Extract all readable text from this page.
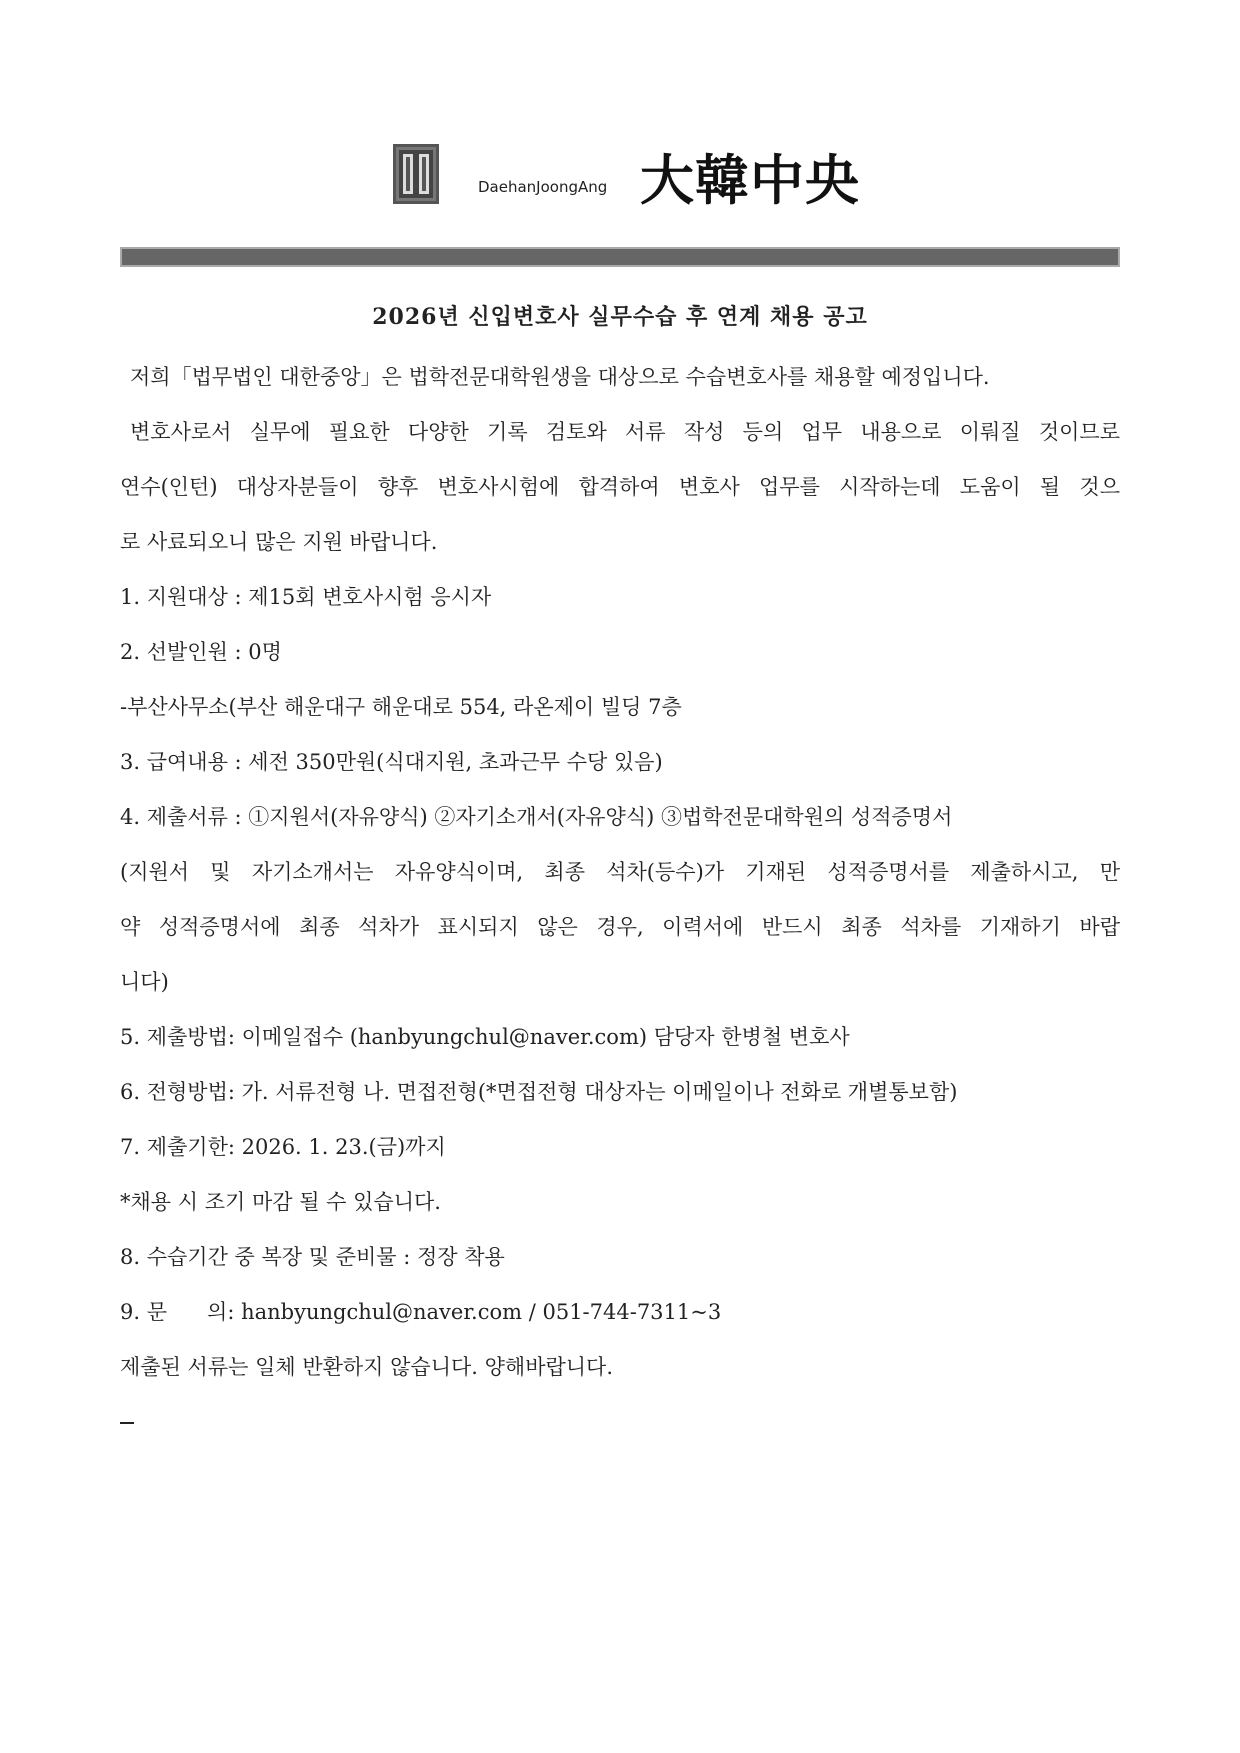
DaehanJoongAng 大韓中央
2026년 신입변호사 실무수습 후 연계 채용 공고
저희「법무법인 대한중앙」은 법학전문대학원생을 대상으로 수습변호사를 채용할 예정입니다.
변호사로서 실무에 필요한 다양한 기록 검토와 서류 작성 등의 업무 내용으로 이뤄질 것이므로
연수(인턴) 대상자분들이 향후 변호사시험에 합격하여 변호사 업무를 시작하는데 도움이 될 것으
로 사료되오니 많은 지원 바랍니다.
1. 지원대상 : 제15회 변호사시험 응시자
2. 선발인원 : 0명
-부산사무소(부산 해운대구 해운대로 554, 라온제이 빌딩 7층
3. 급여내용 : 세전 350만원(식대지원, 초과근무 수당 있음)
4. 제출서류 : ①지원서(자유양식) ②자기소개서(자유양식) ③법학전문대학원의 성적증명서
(지원서 및 자기소개서는 자유양식이며, 최종 석차(등수)가 기재된 성적증명서를 제출하시고, 만
약 성적증명서에 최종 석차가 표시되지 않은 경우, 이력서에 반드시 최종 석차를 기재하기 바랍
니다)
5. 제출방법: 이메일접수 (hanbyungchul@naver.com) 담당자 한병철 변호사
6. 전형방법: 가. 서류전형 나. 면접전형(*면접전형 대상자는 이메일이나 전화로 개별통보함)
7. 제출기한: 2026. 1. 23.(금)까지
*채용 시 조기 마감 될 수 있습니다.
8. 수습기간 중 복장 및 준비물 : 정장 착용
9. 문      의: hanbyungchul@naver.com / 051-744-7311~3
제출된 서류는 일체 반환하지 않습니다. 양해바랍니다.
